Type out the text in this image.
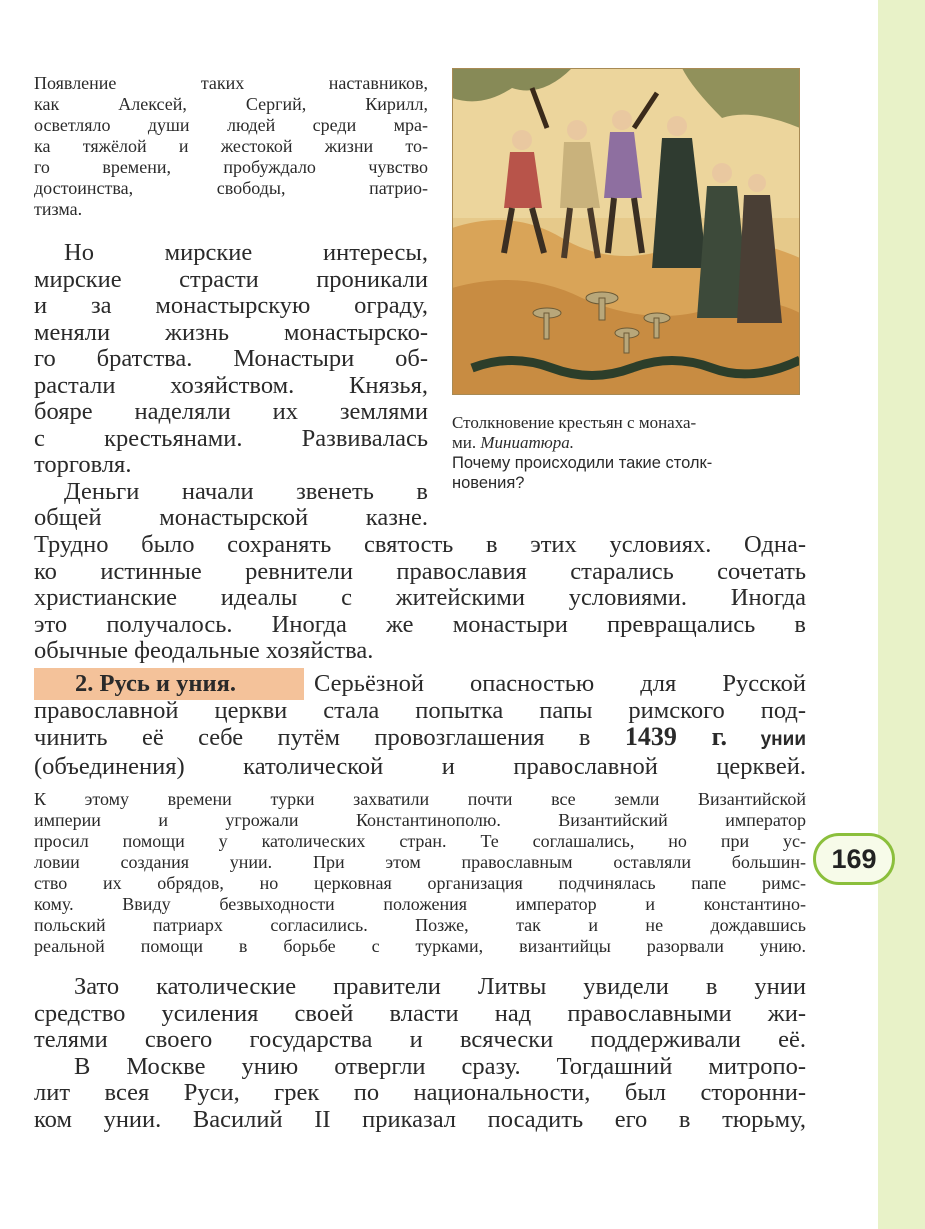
Появление таких наставников,
как Алексей, Сергий, Кирилл,
осветляло души людей среди мра-
ка тяжёлой и жестокой жизни то-
го времени, пробуждало чувство
достоинства, свободы, патрио-
тизма.
Но мирские интересы,
мирские страсти проникали
и за монастырскую ограду,
меняли жизнь монастырско-
го братства. Монастыри об-
растали хозяйством. Князья,
бояре наделяли их землями
с крестьянами. Развивалась
торговля.
Деньги начали звенеть в
общей монастырской казне.
Трудно было сохранять святость в этих условиях. Одна-
ко истинные ревнители православия старались сочетать
христианские идеалы с житейскими условиями. Иногда
это получалось. Иногда же монастыри превращались в
обычные феодальные хозяйства.
Столкновение крестьян с монаха-
ми. Миниатюра.
Почему происходили такие столк-
новения?
2. Русь и уния.	Серьёзной опасностью для Русской
православной церкви стала попытка папы римского под-
чинить её себе путём провозглашения в 1439 г. унии
(объединения) католической и православной церквей.
К этому времени турки захватили почти все земли Византийской
империи и угрожали Константинополю. Византийский император
просил помощи у католических стран. Те соглашались, но при ус-
ловии создания унии. При этом православным оставляли большин-
ство их обрядов, но церковная организация подчинялась папе римс-
кому. Ввиду безвыходности положения император и константино-
польский патриарх согласились. Позже, так и не дождавшись
реальной помощи в борьбе с турками, византийцы разорвали унию.
Зато католические правители Литвы увидели в унии
средство усиления своей власти над православными жи-
телями своего государства и всячески поддерживали её.
В Москве унию отвергли сразу. Тогдашний митропо-
лит всея Руси, грек по национальности, был сторонни-
ком унии. Василий II приказал посадить его в тюрьму,
169
